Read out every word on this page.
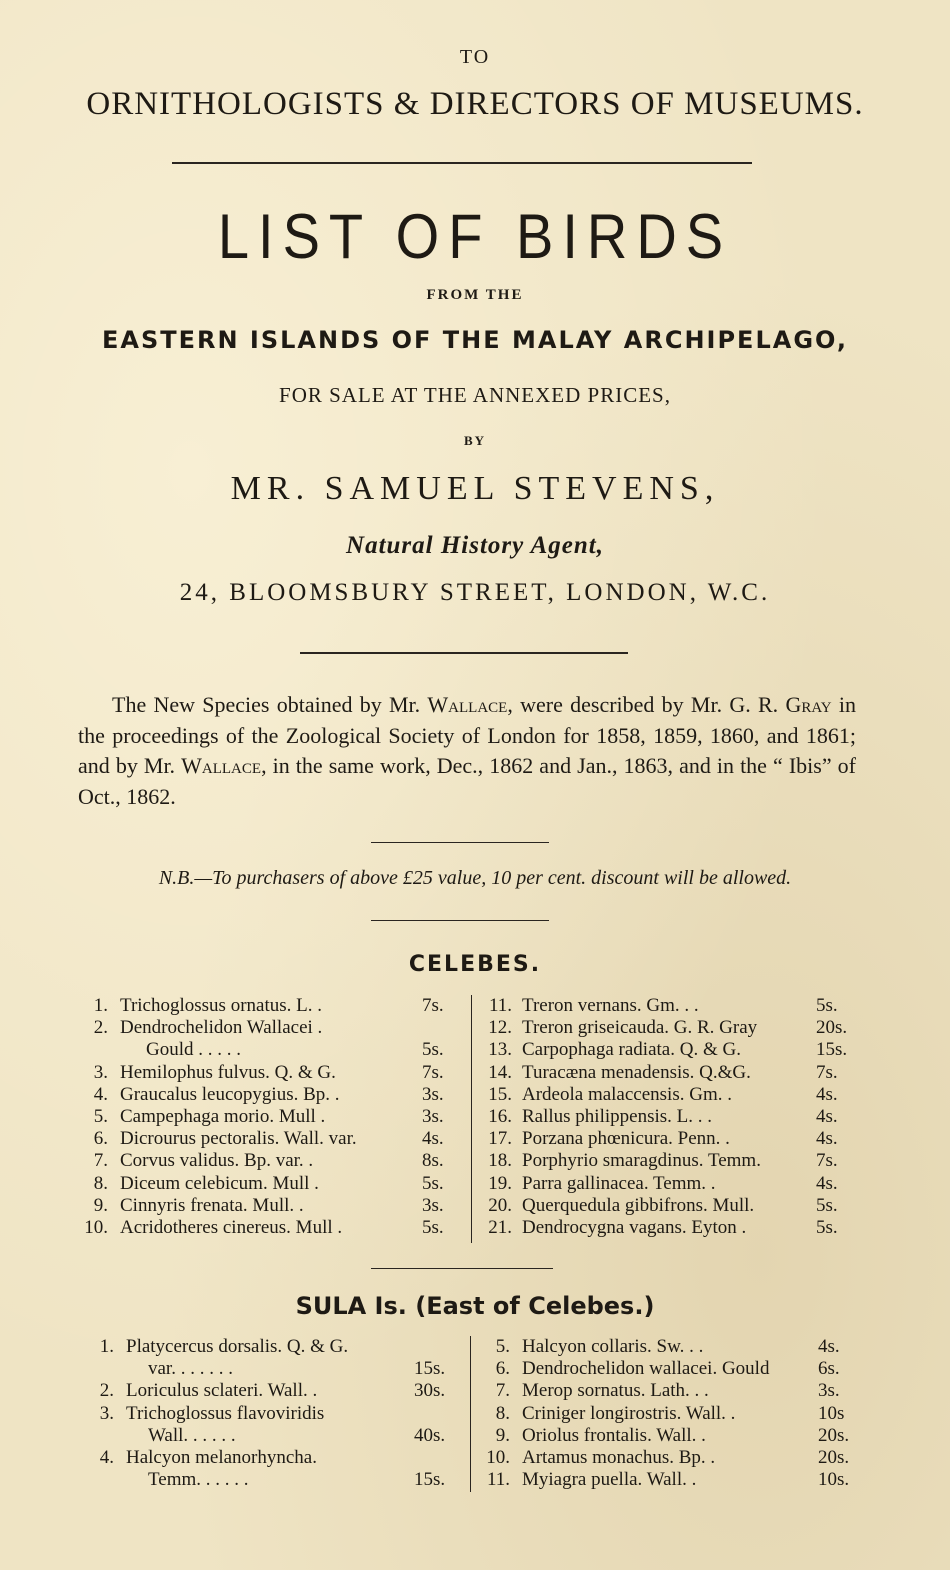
TO
ORNITHOLOGISTS & DIRECTORS OF MUSEUMS.
LIST OF BIRDS
FROM THE
EASTERN ISLANDS OF THE MALAY ARCHIPELAGO,
FOR SALE AT THE ANNEXED PRICES,
BY
MR. SAMUEL STEVENS,
Natural History Agent,
24, BLOOMSBURY STREET, LONDON, W.C.

The New Species obtained by Mr. Wallace, were described by Mr. G. R. Gray in the proceedings of the Zoological Society of London for 1858, 1859, 1860, and 1861; and by Mr. Wallace, in the same work, Dec., 1862 and Jan., 1863, and in the “ Ibis” of Oct., 1862.

N.B.—To purchasers of above £25 value, 10 per cent. discount will be allowed.
CELEBES.
1. Trichoglossus ornatus. L. .	7s.
2. Dendrochelidon Wallacei .
Gould . . . . .	5s.
3. Hemilophus fulvus. Q. & G.	7s.
4. Graucalus leucopygius. Bp. .	3s.
5. Campephaga morio. Mull .	3s.
6. Dicrourus pectoralis. Wall. var.	4s.
7. Corvus validus. Bp. var. .	8s.
8. Diceum celebicum. Mull .	5s.
9. Cinnyris frenata. Mull. .	3s.
10. Acridotheres cinereus. Mull .	5s.
11. Treron vernans. Gm. . .	5s.
12. Treron griseicauda. G. R. Gray	20s.
13. Carpophaga radiata. Q. & G.	15s.
14. Turacæna menadensis. Q.&G.	7s.
15. Ardeola malaccensis. Gm. .	4s.
16. Rallus philippensis. L. . .	4s.
17. Porzana phœnicura. Penn. .	4s.
18. Porphyrio smaragdinus. Temm.	7s.
19. Parra gallinacea. Temm. .	4s.
20. Querquedula gibbifrons. Mull.	5s.
21. Dendrocygna vagans. Eyton .	5s.
SULA Is. (East of Celebes.)
1. Platycercus dorsalis. Q. & G.
var. . . . . . .	15s.
2. Loriculus sclateri. Wall. .	30s.
3. Trichoglossus flavoviridis
Wall. . . . . .	40s.
4. Halcyon melanorhyncha.
Temm. . . . . .	15s.
5. Halcyon collaris. Sw. . .	4s.
6. Dendrochelidon wallacei. Gould	6s.
7. Merop sornatus. Lath. . .	3s.
8. Criniger longirostris. Wall. .	10s
9. Oriolus frontalis. Wall. .	20s.
10. Artamus monachus. Bp. .	20s.
11. Myiagra puella. Wall. .	10s.
